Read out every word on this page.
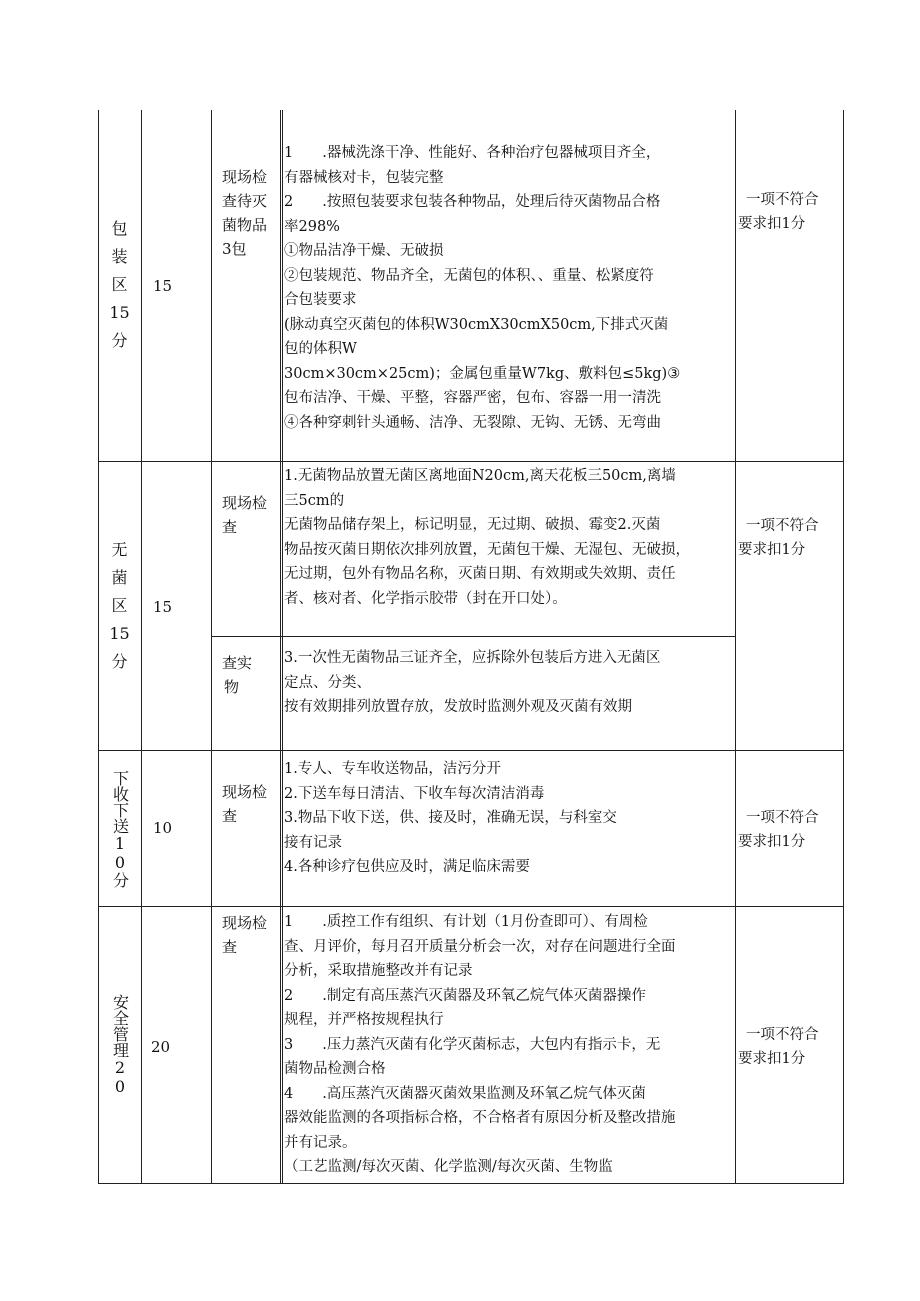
包
装
区
15
分
15
现场检
查待灭
菌物品
3包
1　　.器械洗涤干净、性能好、各种治疗包器械项目齐全，
有器械核对卡，包装完整
2　　.按照包装要求包装各种物品，处理后待灭菌物品合格
率298%
①物品洁净干燥、无破损
②包装规范、物品齐全，无菌包的体积、、重量、松紧度符
合包装要求
(脉动真空灭菌包的体积W30cmX30cmX50cm,下排式灭菌
包的体积W
30cm×30cm×25cm)；金属包重量W7kg、敷料包≤5kg)③
包布洁净、干燥、平整，容器严密，包布、容器一用一清洗
④各种穿刺针头通畅、洁净、无裂隙、无钩、无锈、无弯曲
一项不符合
要求扣1分
无
菌
区
15
分
15
现场检
查
1.无菌物品放置无菌区离地面N20cm,离天花板三50cm,离墙
三5cm的
无菌物品储存架上，标记明显，无过期、破损、霉变2.灭菌
物品按灭菌日期依次排列放置，无菌包干燥、无湿包、无破损，
无过期，包外有物品名称，灭菌日期、有效期或失效期、责任
者、核对者、化学指示胶带（封在开口处）。
查实
物
3.一次性无菌物品三证齐全，应拆除外包装后方进入无菌区
定点、分类、
按有效期排列放置存放，发放时监测外观及灭菌有效期
一项不符合
要求扣1分
下收下送10分 10
现场检
查
1.专人、专车收送物品，洁污分开
2.下送车每日清洁、下收车每次清洁消毒
3.物品下收下送，供、接及时，准确无误，与科室交
接有记录
4.各种诊疗包供应及时，满足临床需要
一项不符合
要求扣1分
安全管理20 20
现场检
查
1　　.质控工作有组织、有计划（1月份查即可）、有周检
查、月评价，每月召开质量分析会一次，对存在问题进行全面
分析，采取措施整改并有记录
2　　.制定有高压蒸汽灭菌器及环氧乙烷气体灭菌器操作
规程，并严格按规程执行
3　　.压力蒸汽灭菌有化学灭菌标志，大包内有指示卡，无
菌物品检测合格
4　　.高压蒸汽灭菌器灭菌效果监测及环氧乙烷气体灭菌
器效能监测的各项指标合格，不合格者有原因分析及整改措施
并有记录。
（工艺监测/每次灭菌、化学监测/每次灭菌、生物监
一项不符合
要求扣1分
